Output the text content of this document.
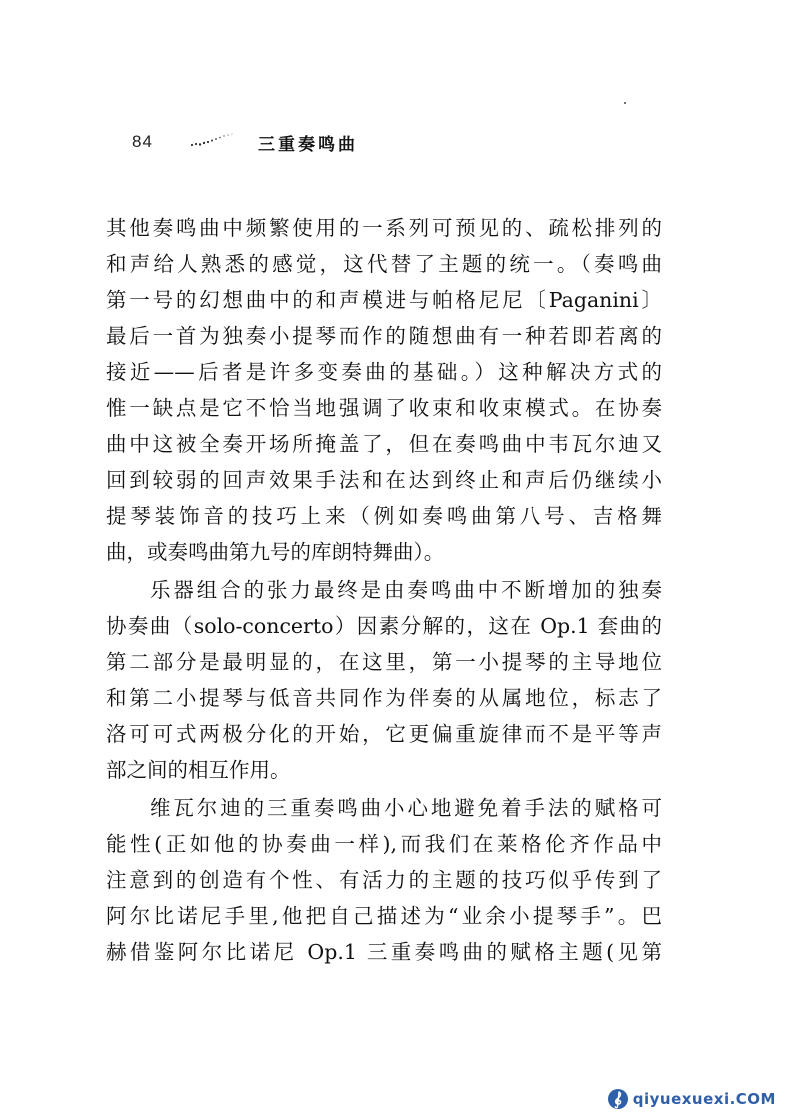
84	三重奏鸣曲
其他奏鸣曲中频繁使用的一系列可预见的、疏松排列的
和声给人熟悉的感觉，这代替了主题的统一。（奏鸣曲
第一号的幻想曲中的和声模进与帕格尼尼〔Paganini〕
最后一首为独奏小提琴而作的随想曲有一种若即若离的
接近——后者是许多变奏曲的基础。）这种解决方式的
惟一缺点是它不恰当地强调了收束和收束模式。在协奏
曲中这被全奏开场所掩盖了，但在奏鸣曲中韦瓦尔迪又
回到较弱的回声效果手法和在达到终止和声后仍继续小
提琴装饰音的技巧上来（例如奏鸣曲第八号、吉格舞
曲，或奏鸣曲第九号的库朗特舞曲）。
乐器组合的张力最终是由奏鸣曲中不断增加的独奏
协奏曲（solo-concerto）因素分解的，这在 Op.1 套曲的
第二部分是最明显的，在这里，第一小提琴的主导地位
和第二小提琴与低音共同作为伴奏的从属地位，标志了
洛可可式两极分化的开始，它更偏重旋律而不是平等声
部之间的相互作用。
维瓦尔迪的三重奏鸣曲小心地避免着手法的赋格可
能性(正如他的协奏曲一样),而我们在莱格伦齐作品中
注意到的创造有个性、有活力的主题的技巧似乎传到了
阿尔比诺尼手里,他把自己描述为“业余小提琴手”。巴
赫借鉴阿尔比诺尼 Op.1 三重奏鸣曲的赋格主题(见第
qiyuexuexi.COM
